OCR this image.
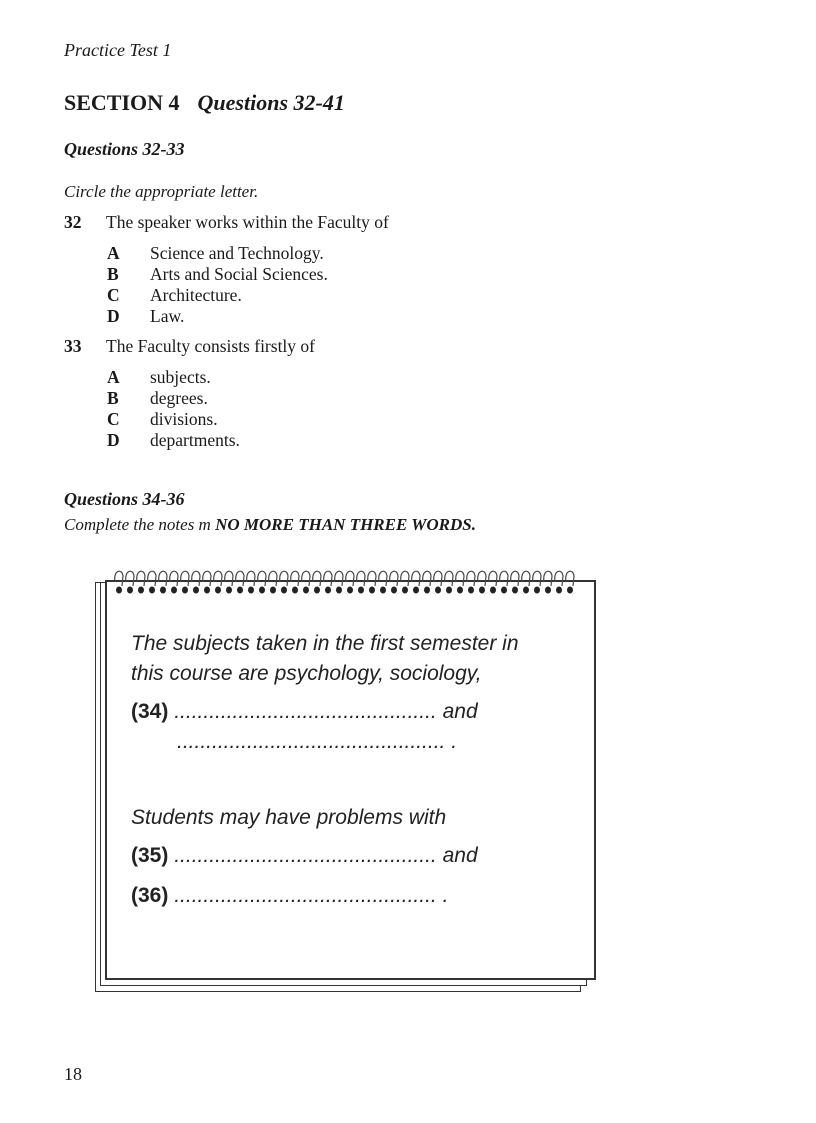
Practice Test 1
SECTION 4 Questions 32-41
Questions 32-33
Circle the appropriate letter.
32 The speaker works within the Faculty of
A Science and Technology.
B Arts and Social Sciences.
C Architecture.
D Law.
33 The Faculty consists firstly of
A subjects.
B degrees.
C divisions.
D departments.
Questions 34-36
Complete the notes m NO MORE THAN THREE WORDS.
The subjects taken in the first semester in
this course are psychology, sociology,
(34) ............................................. and
.............................................. .
Students may have problems with
(35) ............................................. and
(36) ............................................. .
18
